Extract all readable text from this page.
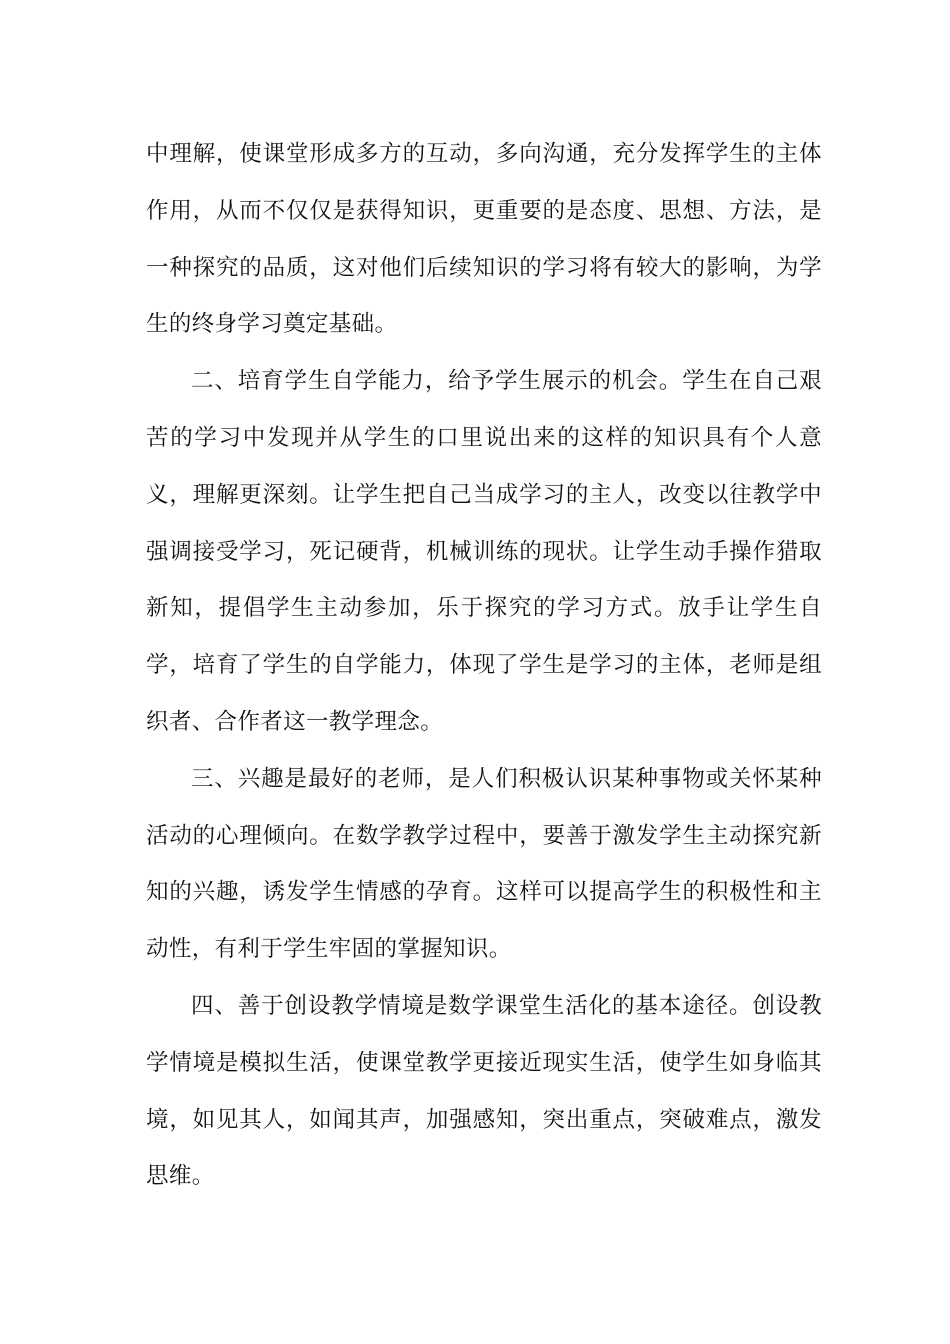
中理解，使课堂形成多方的互动，多向沟通，充分发挥学生的主体作用，从而不仅仅是获得知识，更重要的是态度、思想、方法，是一种探究的品质，这对他们后续知识的学习将有较大的影响，为学生的终身学习奠定基础。

二、培育学生自学能力，给予学生展示的机会。学生在自己艰苦的学习中发现并从学生的口里说出来的这样的知识具有个人意义，理解更深刻。让学生把自己当成学习的主人，改变以往教学中强调接受学习，死记硬背，机械训练的现状。让学生动手操作猎取新知，提倡学生主动参加，乐于探究的学习方式。放手让学生自学，培育了学生的自学能力，体现了学生是学习的主体，老师是组织者、合作者这一教学理念。

三、兴趣是最好的老师，是人们积极认识某种事物或关怀某种活动的心理倾向。在数学教学过程中，要善于激发学生主动探究新知的兴趣，诱发学生情感的孕育。这样可以提高学生的积极性和主动性，有利于学生牢固的掌握知识。

四、善于创设教学情境是数学课堂生活化的基本途径。创设教学情境是模拟生活，使课堂教学更接近现实生活，使学生如身临其境，如见其人，如闻其声，加强感知，突出重点，突破难点，激发思维。
